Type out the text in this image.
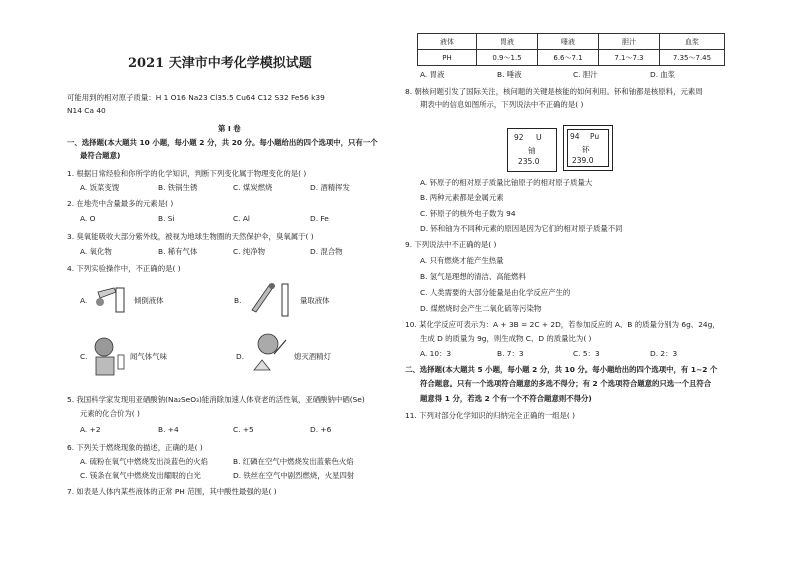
2021 天津市中考化学模拟试题
可能用到的相对原子质量：H 1 O16 Na23 Cl35.5 Cu64 C12 S32 Fe56 k39
N14 Ca 40
第 I 卷
一、选择题(本大题共 10 小题，每小题 2 分，共 20 分。每小题给出的四个选项中，只有一个
最符合题意)
1. 根据日常经验和你所学的化学知识，判断下列变化属于物理变化的是( )
A. 饭菜变馊	B. 铁锅生锈	C. 煤炭燃烧	D. 酒精挥发
2. 在地壳中含量最多的元素是( )
A. O	B. Si	C. Al	D. Fe
3. 臭氧能吸收大部分紫外线，被视为地球生物圈的天然保护伞，臭氧属于( )
A. 氧化物	B. 稀有气体	C. 纯净物	D. 混合物
4. 下列实验操作中，不正确的是( )
A.	倾倒液体	B.	量取液体
C.	闻气体气味	D.	熄灭酒精灯
5. 我国科学家发现用亚硒酸钠(Na₂SeO₃)能消除加速人体衰老的活性氧，亚硒酸钠中硒(Se)
元素的化合价为( )
A. +2	B. +4	C. +5	D. +6
6. 下列关于燃烧现象的描述，正确的是( )
A. 硫粉在氧气中燃烧发出淡蓝色的火焰	B. 红磷在空气中燃烧发出蓝紫色火焰
C. 镁条在氧气中燃烧发出耀眼的白光	D. 铁丝在空气中剧烈燃烧，火星四射
7. 如表是人体内某些液体的正常 PH 范围，其中酸性最强的是( )
液体	胃液	唾液	胆汁	血浆
PH	0.9～1.5	6.6～7.1	7.1～7.3	7.35～7.45
A. 胃液	B. 唾液	C. 胆汁	D. 血浆
8. 朝核问题引发了国际关注，核问题的关键是核能的如何利用。钚和铀都是核原料，元素周
期表中的信息如图所示，下列说法中不正确的是( )
92 U
铀
235.0
94 Pu
钚
239.0
A. 钚原子的相对原子质量比铀原子的相对原子质量大
B. 两种元素都是金属元素
C. 钚原子的核外电子数为 94
D. 钚和铀为不同种元素的原因是因为它们的相对原子质量不同
9. 下列说法中不正确的是( )
A. 只有燃烧才能产生热量
B. 氢气是理想的清洁、高能燃料
C. 人类需要的大部分能量是由化学反应产生的
D. 煤燃烧时会产生二氧化硫等污染物
10. 某化学反应可表示为：A + 3B = 2C + 2D，若参加反应的 A、B 的质量分别为 6g、24g，
生成 D 的质量为 9g，则生成物 C、D 的质量比为( )
A. 10：3	B. 7：3	C. 5：3	D. 2：3
二、选择题(本大题共 5 小题，每小题 2 分，共 10 分。每小题给出的四个选项中，有 1~2 个
符合题意。只有一个选项符合题意的多选不得分；有 2 个选项符合题意的只选一个且符合
题意得 1 分，若选 2 个有一个不符合题意则不得分)
11. 下列对部分化学知识的归纳完全正确的一组是( )
